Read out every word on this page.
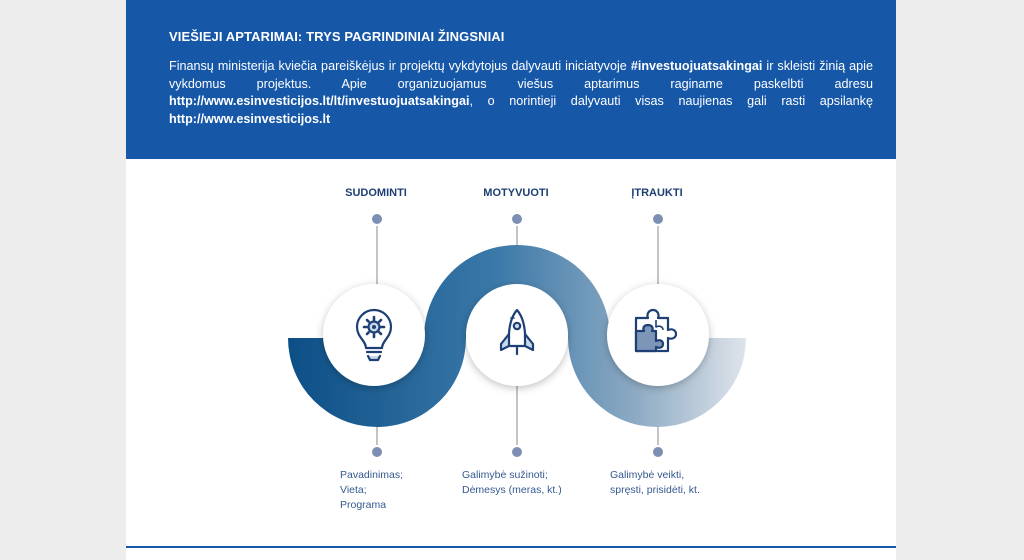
VIEŠIEJI APTARIMAI: TRYS PAGRINDINIAI ŽINGSNIAI

Finansų ministerija kviečia pareiškėjus ir projektų vykdytojus dalyvauti iniciatyvoje #investuojuatsakingai ir skleisti žinią apie vykdomus projektus. Apie organizuojamus viešus aptarimus raginame paskelbti adresu http://www.esinvesticijos.lt/lt/investuojuatsakingai, o norintieji dalyvauti visas naujienas gali rasti apsilankę http://www.esinvesticijos.lt

SUDOMINTI	MOTYVUOTI	ĮTRAUKTI
Pavadinimas;
Vieta;
Programa
Galimybė sužinoti;
Dėmesys (meras, kt.)
Galimybė veikti,
spręsti, prisidėti, kt.
